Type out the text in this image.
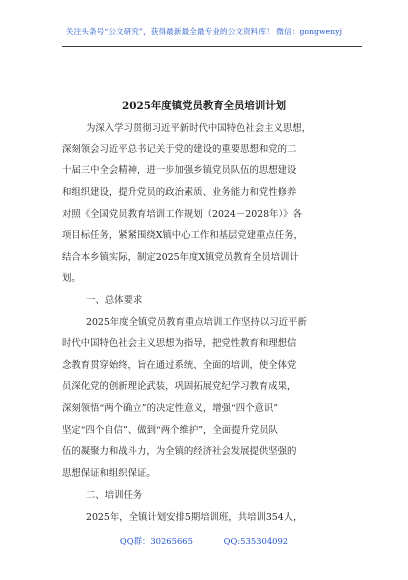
关注头条号“公文研究”，获得最新最全最专业的公文资料库！ 微信：gongwenyj
2025年度镇党员教育全员培训计划
为深入学习贯彻习近平新时代中国特色社会主义思想，
深刻领会习近平总书记关于党的建设的重要思想和党的二
十届三中全会精神，进一步加强乡镇党员队伍的思想建设
和组织建设，提升党员的政治素质、业务能力和党性修养
对照《全国党员教育培训工作规划（2024－2028年）》各
项目标任务，紧紧围绕X镇中心工作和基层党建重点任务，
结合本乡镇实际，制定2025年度X镇党员教育全员培训计
划。
一、总体要求
2025年度全镇党员教育重点培训工作坚持以习近平新
时代中国特色社会主义思想为指导，把党性教育和理想信
念教育贯穿始终，旨在通过系统、全面的培训，使全体党
员深化党的创新理论武装，巩固拓展党纪学习教育成果，
深刻领悟“两个确立”的决定性意义，增强“四个意识”
坚定“四个自信”、做到“两个维护”，全面提升党员队
伍的凝聚力和战斗力，为全镇的经济社会发展提供坚强的
思想保证和组织保证。
二、培训任务
2025年，全镇计划安排5期培训班，共培训354人，
QQ群：30265665	QQ:535304092
